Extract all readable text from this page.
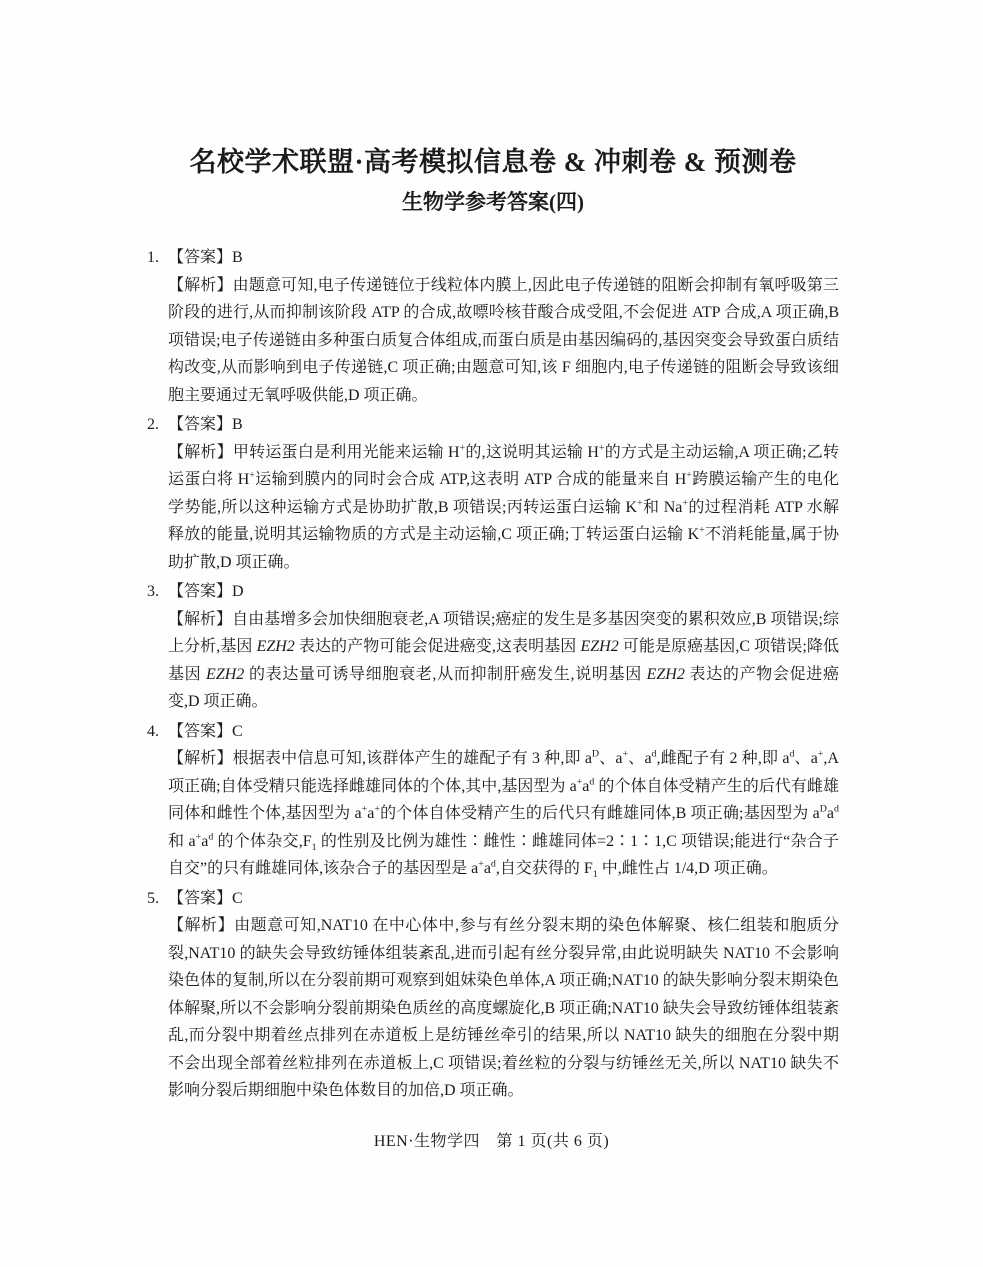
名校学术联盟·高考模拟信息卷 & 冲刺卷 & 预测卷
生物学参考答案(四)
1. 【答案】B
【解析】由题意可知,电子传递链位于线粒体内膜上,因此电子传递链的阻断会抑制有氧呼吸第三阶段的进行,从而抑制该阶段 ATP 的合成,故嘌呤核苷酸合成受阻,不会促进 ATP 合成,A 项正确,B 项错误;电子传递链由多种蛋白质复合体组成,而蛋白质是由基因编码的,基因突变会导致蛋白质结构改变,从而影响到电子传递链,C 项正确;由题意可知,该 F 细胞内,电子传递链的阻断会导致该细胞主要通过无氧呼吸供能,D 项正确。
2. 【答案】B
【解析】甲转运蛋白是利用光能来运输 H+的,这说明其运输 H+的方式是主动运输,A 项正确;乙转运蛋白将 H+运输到膜内的同时会合成 ATP,这表明 ATP 合成的能量来自 H+跨膜运输产生的电化学势能,所以这种运输方式是协助扩散,B 项错误;丙转运蛋白运输 K+和 Na+的过程消耗 ATP 水解释放的能量,说明其运输物质的方式是主动运输,C 项正确;丁转运蛋白运输 K+不消耗能量,属于协助扩散,D 项正确。
3. 【答案】D
【解析】自由基增多会加快细胞衰老,A 项错误;癌症的发生是多基因突变的累积效应,B 项错误;综上分析,基因 EZH2 表达的产物可能会促进癌变,这表明基因 EZH2 可能是原癌基因,C 项错误;降低基因 EZH2 的表达量可诱导细胞衰老,从而抑制肝癌发生,说明基因 EZH2 表达的产物会促进癌变,D 项正确。
4. 【答案】C
【解析】根据表中信息可知,该群体产生的雄配子有 3 种,即 $a^D$、a+、$a^d$,雌配子有 2 种,即 $a^d$、a+,A 项正确;自体受精只能选择雌雄同体的个体,其中,基因型为 $a^+a^d$ 的个体自体受精产生的后代有雌雄同体和雌性个体,基因型为 a+a+的个体自体受精产生的后代只有雌雄同体,B 项正确;基因型为 $a^Da^d$ 和 $a^+a^d$ 的个体杂交$,F_1$ 的性别及比例为雄性∶雌性∶雌雄同体=2∶1∶1,C 项错误;能进行“杂合子自交”的只有雌雄同体,该杂合子的基因型是 $a^+a^d$,自交获得的 $F_1$ 中,雌性占 1/4,D 项正确。
5. 【答案】C
【解析】由题意可知,NAT10 在中心体中,参与有丝分裂末期的染色体解聚、核仁组装和胞质分裂,NAT10 的缺失会导致纺锤体组装紊乱,进而引起有丝分裂异常,由此说明缺失 NAT10 不会影响染色体的复制,所以在分裂前期可观察到姐妹染色单体,A 项正确;NAT10 的缺失影响分裂末期染色体解聚,所以不会影响分裂前期染色质丝的高度螺旋化,B 项正确;NAT10 缺失会导致纺锤体组装紊乱,而分裂中期着丝点排列在赤道板上是纺锤丝牵引的结果,所以 NAT10 缺失的细胞在分裂中期不会出现全部着丝粒排列在赤道板上,C 项错误;着丝粒的分裂与纺锤丝无关,所以 NAT10 缺失不影响分裂后期细胞中染色体数目的加倍,D 项正确。
HEN·生物学四　第 1 页(共 6 页)
